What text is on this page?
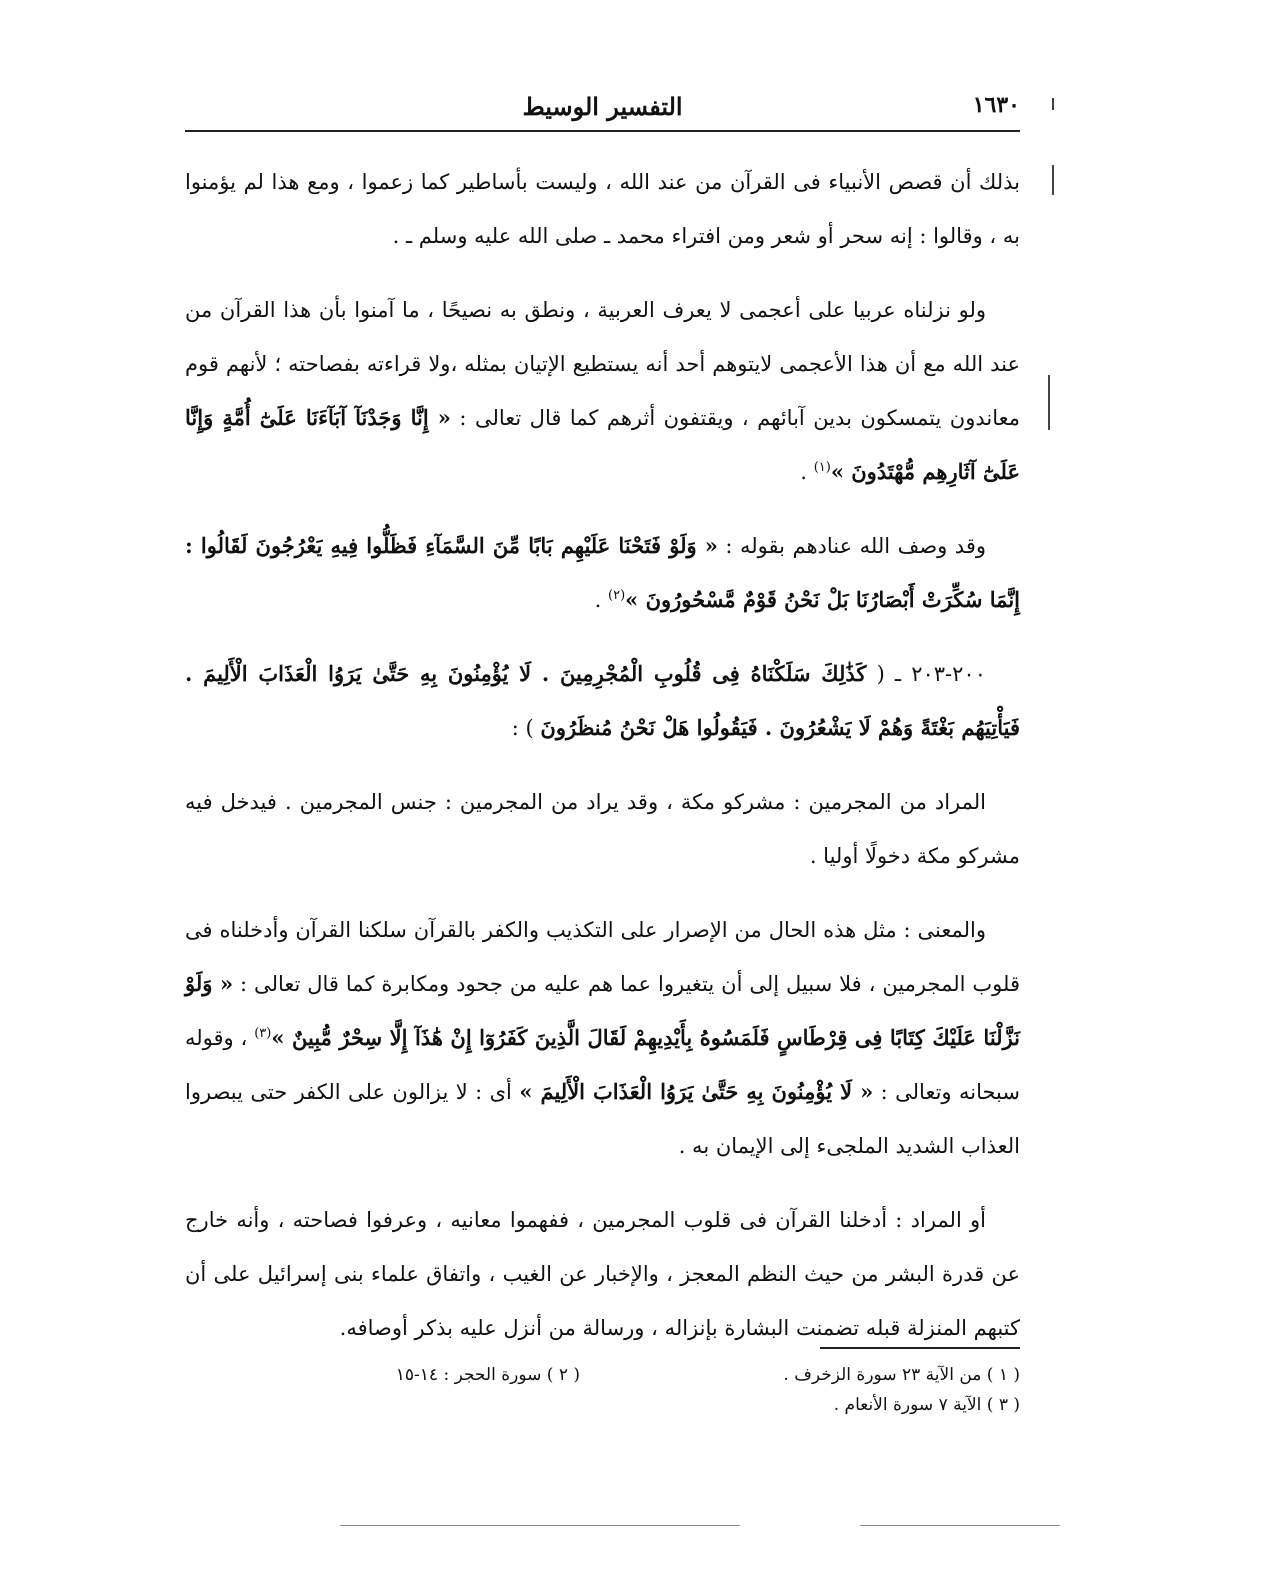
١٦٣٠
التفسير الوسيط

بذلك أن قصص الأنبياء فى القرآن من عند الله ، وليست بأساطير كما زعموا ، ومع هذا لم يؤمنوا به ، وقالوا : إنه سحر أو شعر ومن افتراء محمد ـ صلى الله عليه وسلم ـ .

ولو نزلناه عربيا على أعجمى لا يعرف العربية ، ونطق به نصيحًا ، ما آمنوا بأن هذا القرآن من عند الله مع أن هذا الأعجمى لايتوهم أحد أنه يستطيع الإتيان بمثله ،ولا قراءته بفصاحته ؛ لأنهم قوم معاندون يتمسكون بدين آبائهم ، ويقتفون أثرهم كما قال تعالى : « إِنَّا وَجَدْنَآ آبَآءَنَا عَلَىٰٓ أُمَّةٍ وَإِنَّا عَلَىٰٓ آثَارِهِم مُّهْتَدُونَ »$^{(١)}$ .

وقد وصف الله عنادهم بقوله : « وَلَوْ فَتَحْنَا عَلَيْهِم بَابًا مِّنَ السَّمَآءِ فَظَلُّوا فِيهِ يَعْرُجُونَ لَقَالُوا : إِنَّمَا سُكِّرَتْ أَبْصَارُنَا بَلْ نَحْنُ قَوْمٌ مَّسْحُورُونَ »$^{(٢)}$ .

٢٠٠-٢٠٣ ـ ( كَذَٰلِكَ سَلَكْنَاهُ فِى قُلُوبِ الْمُجْرِمِينَ . لَا يُؤْمِنُونَ بِهِ حَتَّىٰ يَرَوُا الْعَذَابَ الْأَلِيمَ . فَيَأْتِيَهُم بَغْتَةً وَهُمْ لَا يَشْعُرُونَ . فَيَقُولُوا هَلْ نَحْنُ مُنظَرُونَ ) :

المراد من المجرمين : مشركو مكة ، وقد يراد من المجرمين : جنس المجرمين . فيدخل فيه مشركو مكة دخولًا أوليا .

والمعنى : مثل هذه الحال من الإصرار على التكذيب والكفر بالقرآن سلكنا القرآن وأدخلناه فى قلوب المجرمين ، فلا سبيل إلى أن يتغيروا عما هم عليه من جحود ومكابرة كما قال تعالى : « وَلَوْ نَزَّلْنَا عَلَيْكَ كِتَابًا فِى قِرْطَاسٍ فَلَمَسُوهُ بِأَيْدِيهِمْ لَقَالَ الَّذِينَ كَفَرُوٓا إِنْ هَٰذَآ إِلَّا سِحْرٌ مُّبِينٌ »$^{(٣)}$ ، وقوله سبحانه وتعالى : « لَا يُؤْمِنُونَ بِهِ حَتَّىٰ يَرَوُا الْعَذَابَ الْأَلِيمَ » أى : لا يزالون على الكفر حتى يبصروا العذاب الشديد الملجىء إلى الإيمان به .

أو المراد : أدخلنا القرآن فى قلوب المجرمين ، ففهموا معانيه ، وعرفوا فصاحته ، وأنه خارج عن قدرة البشر من حيث النظم المعجز ، والإخبار عن الغيب ، واتفاق علماء بنى إسرائيل على أن كتبهم المنزلة قبله تضمنت البشارة بإنزاله ، ورسالة من أنزل عليه بذكر أوصافه.

( ١ ) من الآية ٢٣ سورة الزخرف .
( ٢ ) سورة الحجر : ١٤-١٥
( ٣ ) الآية ٧ سورة الأنعام .
